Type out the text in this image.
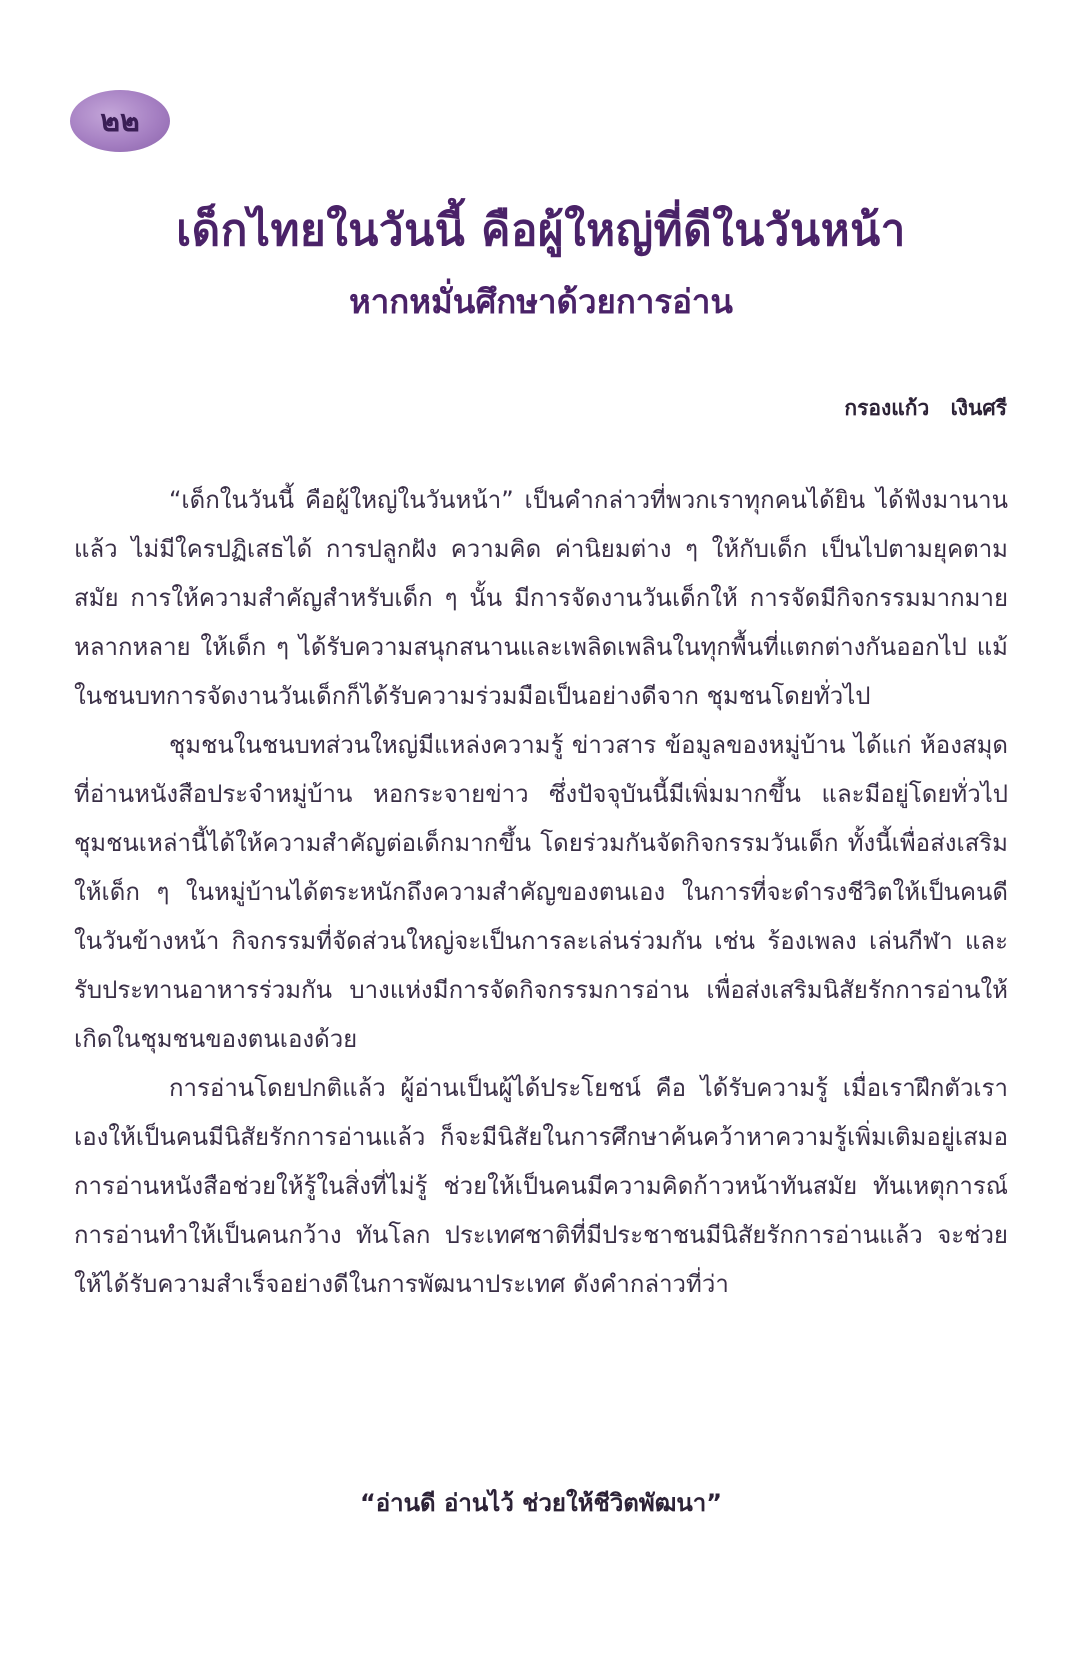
๒๒
เด็กไทยในวันนี้ คือผู้ใหญ่ที่ดีในวันหน้า
หากหมั่นศึกษาด้วยการอ่าน
กรองแก้ว เงินศรี

“เด็กในวันนี้ คือผู้ใหญ่ในวันหน้า” เป็นคำกล่าวที่พวกเราทุกคนได้ยิน ได้ฟังมานานแล้ว ไม่มีใครปฏิเสธได้ การปลูกฝัง ความคิด ค่านิยมต่าง ๆ ให้กับเด็ก เป็นไปตามยุคตามสมัย การให้ความสำคัญสำหรับเด็ก ๆ นั้น มีการจัดงานวันเด็กให้ การจัดมีกิจกรรมมากมายหลากหลาย ให้เด็ก ๆ ได้รับความสนุกสนานและเพลิดเพลินในทุกพื้นที่แตกต่างกันออกไป แม้ในชนบทการจัดงานวันเด็กก็ได้รับความร่วมมือเป็นอย่างดีจาก ชุมชนโดยทั่วไป

ชุมชนในชนบทส่วนใหญ่มีแหล่งความรู้ ข่าวสาร ข้อมูลของหมู่บ้าน ได้แก่ ห้องสมุด ที่อ่านหนังสือประจำหมู่บ้าน หอกระจายข่าว ซึ่งปัจจุบันนี้มีเพิ่มมากขึ้น และมีอยู่โดยทั่วไป ชุมชนเหล่านี้ได้ให้ความสำคัญต่อเด็กมากขึ้น โดยร่วมกันจัดกิจกรรมวันเด็ก ทั้งนี้เพื่อส่งเสริมให้เด็ก ๆ ในหมู่บ้านได้ตระหนักถึงความสำคัญของตนเอง ในการที่จะดำรงชีวิตให้เป็นคนดีในวันข้างหน้า กิจกรรมที่จัดส่วนใหญ่จะเป็นการละเล่นร่วมกัน เช่น ร้องเพลง เล่นกีฬา และรับประทานอาหารร่วมกัน บางแห่งมีการจัดกิจกรรมการอ่าน เพื่อส่งเสริมนิสัยรักการอ่านให้เกิดในชุมชนของตนเองด้วย

การอ่านโดยปกติแล้ว ผู้อ่านเป็นผู้ได้ประโยชน์ คือ ได้รับความรู้ เมื่อเราฝึกตัวเราเองให้เป็นคนมีนิสัยรักการอ่านแล้ว ก็จะมีนิสัยในการศึกษาค้นคว้าหาความรู้เพิ่มเติมอยู่เสมอ การอ่านหนังสือช่วยให้รู้ในสิ่งที่ไม่รู้ ช่วยให้เป็นคนมีความคิดก้าวหน้าทันสมัย ทันเหตุการณ์ การอ่านทำให้เป็นคนกว้าง ทันโลก ประเทศชาติที่มีประชาชนมีนิสัยรักการอ่านแล้ว จะช่วยให้ได้รับความสำเร็จอย่างดีในการพัฒนาประเทศ ดังคำกล่าวที่ว่า

“อ่านดี อ่านไว้ ช่วยให้ชีวิตพัฒนา”
